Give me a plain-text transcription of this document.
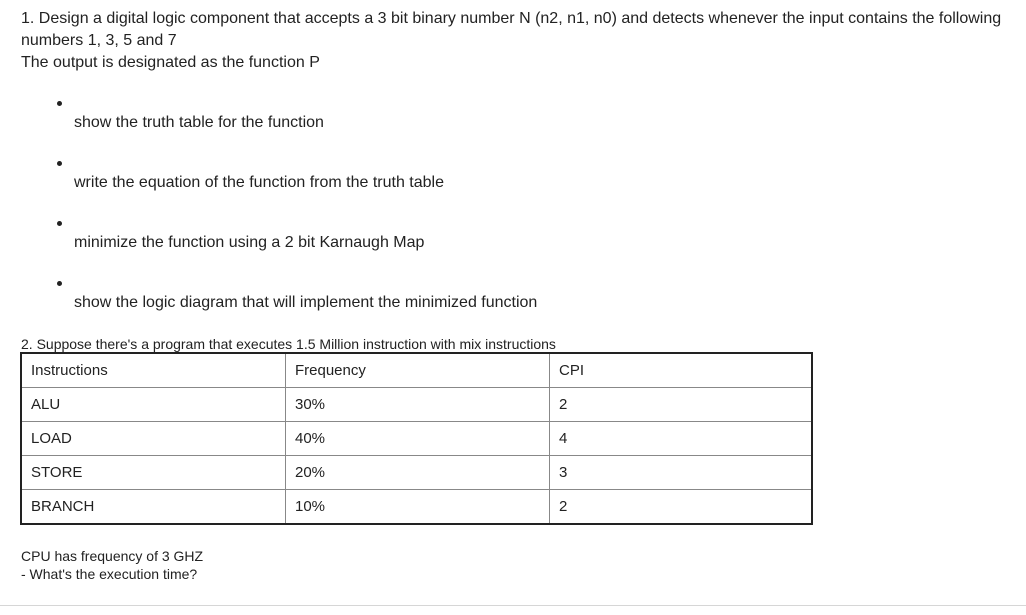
1. Design a digital logic component that accepts a 3 bit binary number N (n2, n1, n0) and detects whenever the input contains the following

numbers 1, 3, 5 and 7

The output is designated as the function P

show the truth table for the function
write the equation of the function from the truth table
minimize the function using a 2 bit Karnaugh Map
show the logic diagram that will implement the minimized function
2. Suppose there's a program that executes 1.5 Million instruction with mix instructions
Instructions	Frequency	CPI
ALU	30%	2
LOAD	40%	4
STORE	20%	3
BRANCH	10%	2

CPU has frequency of 3 GHZ

- What's the execution time?
